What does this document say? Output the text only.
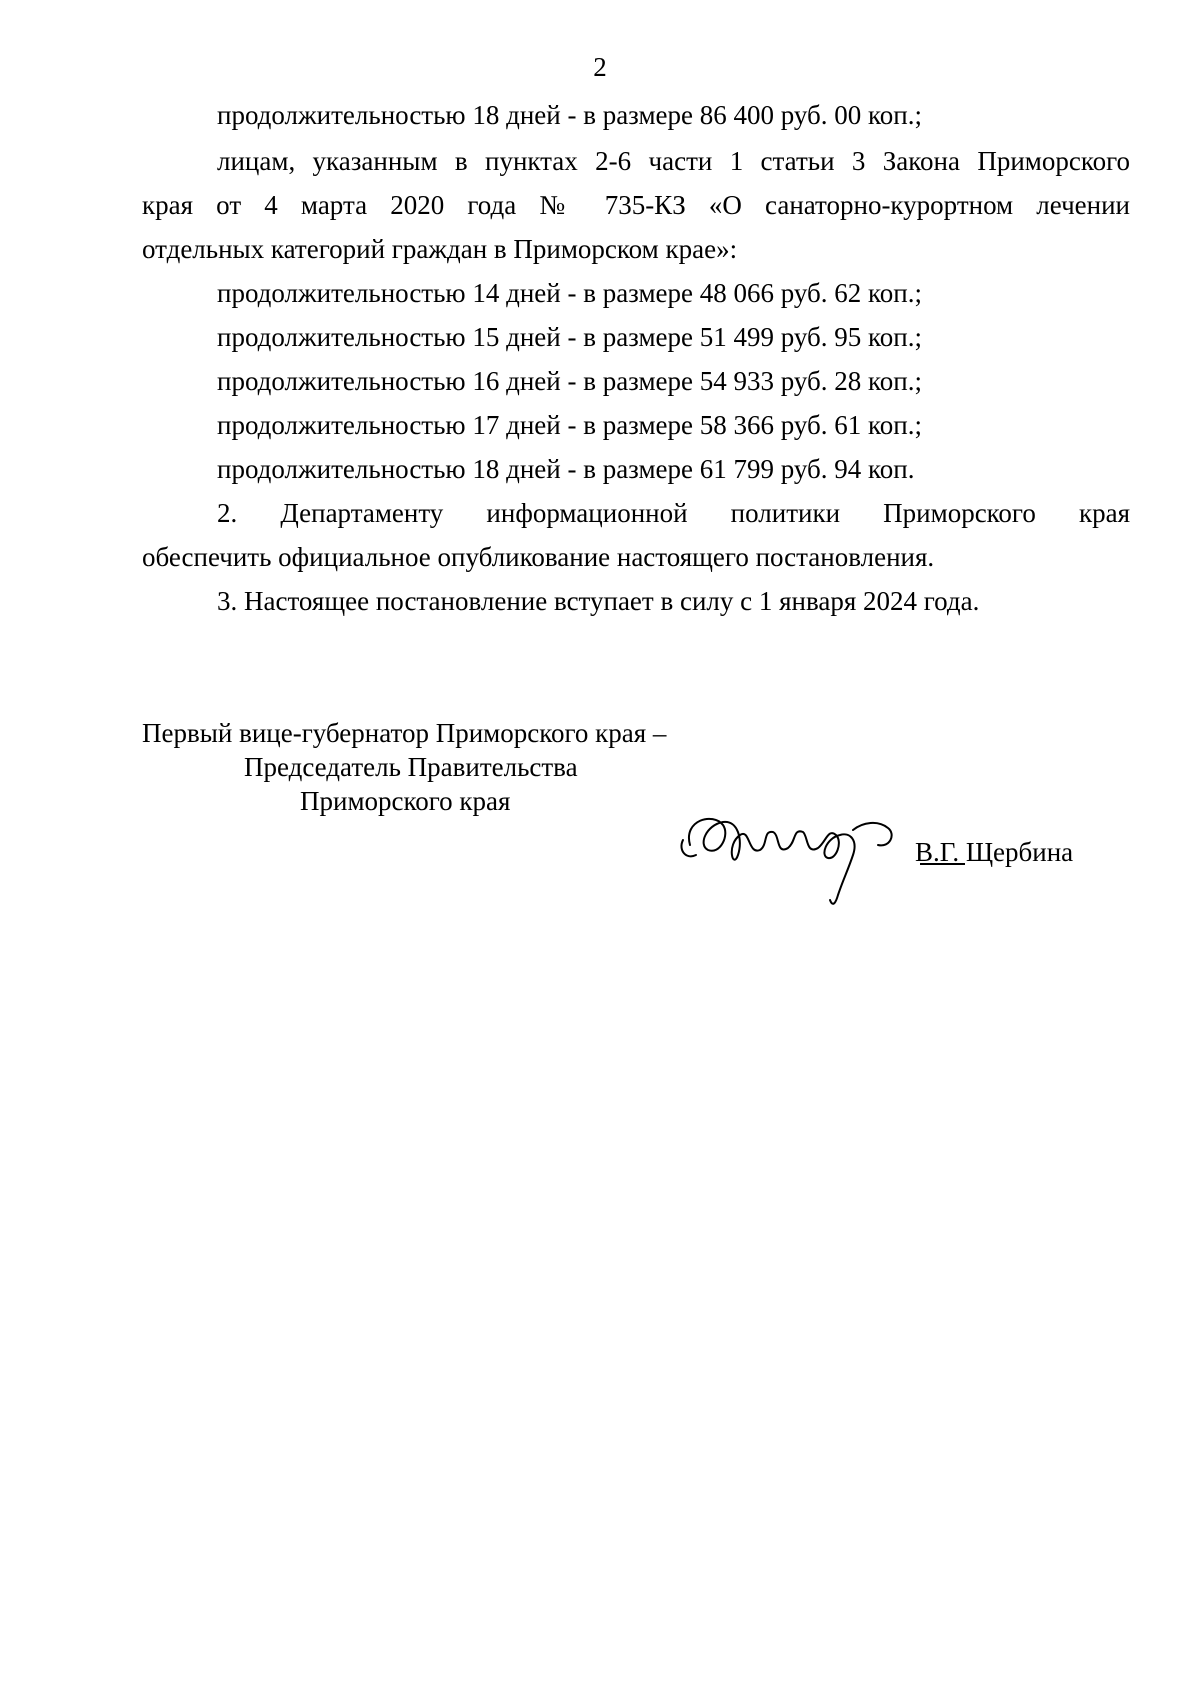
2
продолжительностью 18 дней - в размере 86 400 руб. 00 коп.;
лицам, указанным в пунктах 2-6 части 1 статьи 3 Закона Приморского
края от 4 марта 2020 года № 735-КЗ «О санаторно-курортном лечении
отдельных категорий граждан в Приморском крае»:
продолжительностью 14 дней - в размере 48 066 руб. 62 коп.;
продолжительностью 15 дней - в размере 51 499 руб. 95 коп.;
продолжительностью 16 дней - в размере 54 933 руб. 28 коп.;
продолжительностью 17 дней - в размере 58 366 руб. 61 коп.;
продолжительностью 18 дней - в размере 61 799 руб. 94 коп.
2. Департаменту информационной политики Приморского края
обеспечить официальное опубликование настоящего постановления.
3. Настоящее постановление вступает в силу с 1 января 2024 года.
Первый вице-губернатор Приморского края –
Председатель Правительства
Приморского края
В.Г. Щербина
